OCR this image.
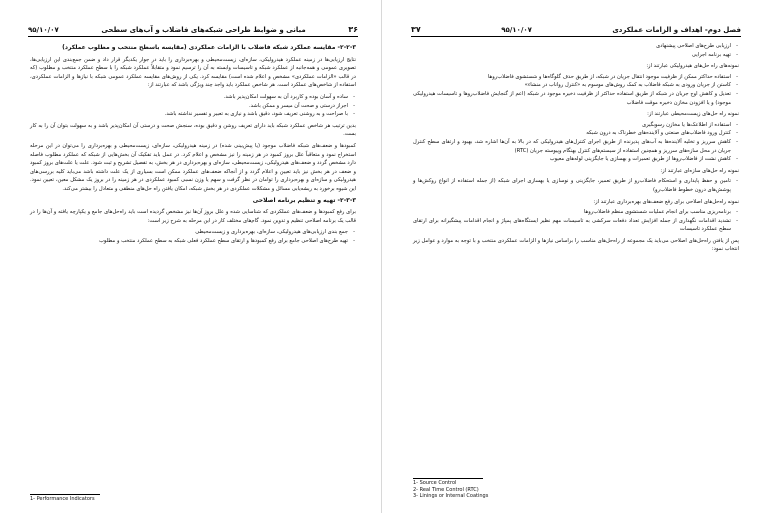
۹۵/۱۰/۰۷	مبانی و ضوابط طراحی شبکه‌های فاضلاب و آب‌های سطحی	۳۶
۲-۲-۳- مقایسه عملکرد شبکه فاضلاب با الزامات عملکردی (مقایسه باسطح منتخب و مطلوب عملکرد)

نتایج ارزیابی‌ها در زمینه عملکرد هیدرولیکی، سازه‌ای، زیست‌محیطی و بهره‌برداری را باید در جوار یکدیگر قرار داد و ضمن جمع‌بندی این ارزیابی‌ها، تصویری عمومی و همه‌جانبه از عملکرد شبکه و تاسیسات وابسته به آن را ترسیم نمود و متقابلاً عملکرد شبکه را با سطح عملکرد منتخب و مطلوب (که در قالب «الزامات عملکردی» مشخص و اعلام شده است) مقایسه کرد. یکی از روش‌های مقایسه عملکرد عمومی شبکه با نیازها و الزامات عملکردی، استفاده از شاخص‌های عملکرد است. هر شاخص عملکرد باید واجد چند ویژگی باشد که عبارتند از:

- ساده و آسان بوده و کاربرد آن به سهولت امکان‌پذیر باشد.
- اجراز درستی و صحت آن میسر و ممکن باشد.
- با صراحت و به روشنی تعریف شود، دقیق باشد و نیازی به تعبیر و تفسیر نداشته باشد.

بدین ترتیب هر شاخص عملکرد شبکه باید دارای تعریف روشن و دقیق بوده، سنجش صحت و درستی آن امکان‌پذیر باشد و به سهولت بتوان آن را به کار بست.

کمبودها و ضعف‌های شبکه فاضلاب موجود (یا پیش‌بینی شده) در زمینه هیدرولیکی، سازه‌ای، زیست‌محیطی و بهره‌برداری را می‌توان در این مرحله استخراج نمود و متعاقباً علل بروز کمبود در هر زمینه را نیز مشخص و اعلام کرد. در عمل باید تفکیک آن بخش‌هایی از شبکه که عملکرد مطلوب فاصله دارد مشخص گردد و ضعف‌های هیدرولیکی، زیست‌محیطی، سازه‌ای و بهره‌برداری در هر بخش، به تفصیل تشریح و ثبت شود. علت یا علت‌های بروز کمبود و ضعف در هر بخش نیز باید تعیین و اعلام گردد و از آنجاکه ضعف‌های عملکرد ممکن است بسیاری از یک علت داشته باشد می‌باید کلیه بررسی‌های هیدرولیکی و سازه‌ای و بهره‌برداری را توامان در نظر گرفت و سهم یا وزن نسبی کمبود عملکردی در هر زمینه را در بروز یک مشکل معین، تعیین نمود. این شیوه برخورد به ریشه‌یابی مسائل و مشکلات عملکردی در هر بخش شبکه، امکان یافتن راه حل‌های منطقی و متعادل را بیشتر می‌کند.

۲-۳-۳- تهیه و تنظیم برنامه اصلاحی

برای رفع کمبودها و ضعف‌های عملکردی که شناسایی شده و علل بروز آن‌ها نیز مشخص گردیده است باید راه‌حل‌های جامع و یکپارچه یافته و آن‌ها را در قالب یک برنامه اصلاحی تنظیم و تدوین نمود. گام‌های مختلف کار در این مرحله به شرح زیر است:

- جمع بندی ارزیابی‌های هیدرولیکی، سازه‌ای، بهره‌برداری و زیست‌محیطی
- تهیه طرح‌های اصلاحی جامع برای رفع کمبودها و ارتقای سطح عملکرد فعلی شبکه به سطح عملکرد منتخب و مطلوب
1- Performance Indicators
۳۷	۹۵/۱۰/۰۷	فصل دوم- اهداف و الزامات عملکردی
- ارزیابی طرح‌های اصلاحی پیشنهادی
- تهیه برنامه اجرایی

نمونه‌های راه حل‌های هیدرولیکی عبارتند از:

- استفاده حداکثر ممکن از ظرفیت موجود انتقال جریان در شبکه، از طریق حذف گلوگاه‌ها و شستشوی فاضلاب‌روها
- کاستن از جریان ورودی به شبکه فاضلاب به کمک روش‌های موسوم به «کنترل رواناب در منشاء»
- تعدیل و کاهش اوج جریان در شبکه از طریق استفاده حداکثر از ظرفیت ذخیره موجود در شبکه (اعم از گنجایش فاضلاب‌روها و تاسیسات هیدرولیکی موجود) و یا افزودن مخازن ذخیره موقت فاضلاب

نمونه راه حل‌های زیست‌محیطی عبارتند از:

- استفاده از اطلاعک‌ها یا مخازن رسوبگیری
- کنترل ورود فاضلاب‌های صنعتی و آلاینده‌های خطرناک به درون شبکه
- کاهش سرریز و تخلیه آلاینده‌ها به آب‌های پذیرنده از طریق اجرای کنترل‌های هیدرولیکی که در بالا به آن‌ها اشاره شد، بهبود و ارتقای سطح کنترل جریان در محل سازه‌های سرریز و همچنین استفاده از سیستم‌های کنترل بهنگام وپیوسته جریان (RTC)
- کاهش نشت از فاضلاب‌روها از طریق تعمیرات و بهسازی یا جایگزینی لوله‌های معیوب

نمونه راه حل‌های سازه‌ای عبارتند از:

- تامین و حفظ پایداری و استحکام فاضلاب‌رو از طریق تعمیر، جایگزینی و نوسازی یا بهسازی اجرای شبکه (از جمله استفاده از انواع روکش‌ها و پوشش‌های درون خطوط فاضلاب‌رو)

نمونه راه‌حل‌های اصلاحی برای رفع ضعف‌های بهره‌برداری عبارتند از:

- برنامه‌ریزی مناسب برای انجام عملیات شستشوی منظم فاضلاب‌روها
- تشدید اقدامات نگهداری از جمله افزایش تعداد دفعات سرکشی به تاسیسات مهم نظیر ایستگاه‌های پمپاژ و انجام اقدامات پیشگیرانه برای ارتقای سطح عملکرد تاسیسات

پس از یافتن راه‌حل‌های اصلاحی می‌باید یک مجموعه از راه‌حل‌های مناسب را براساس نیازها و الزامات عملکردی منتخب و با توجه به موارد و عوامل زیر انتخاب نمود:

1- Source Control
2- Real Time Control (RTC)
3- Linings or Internal Coatings
